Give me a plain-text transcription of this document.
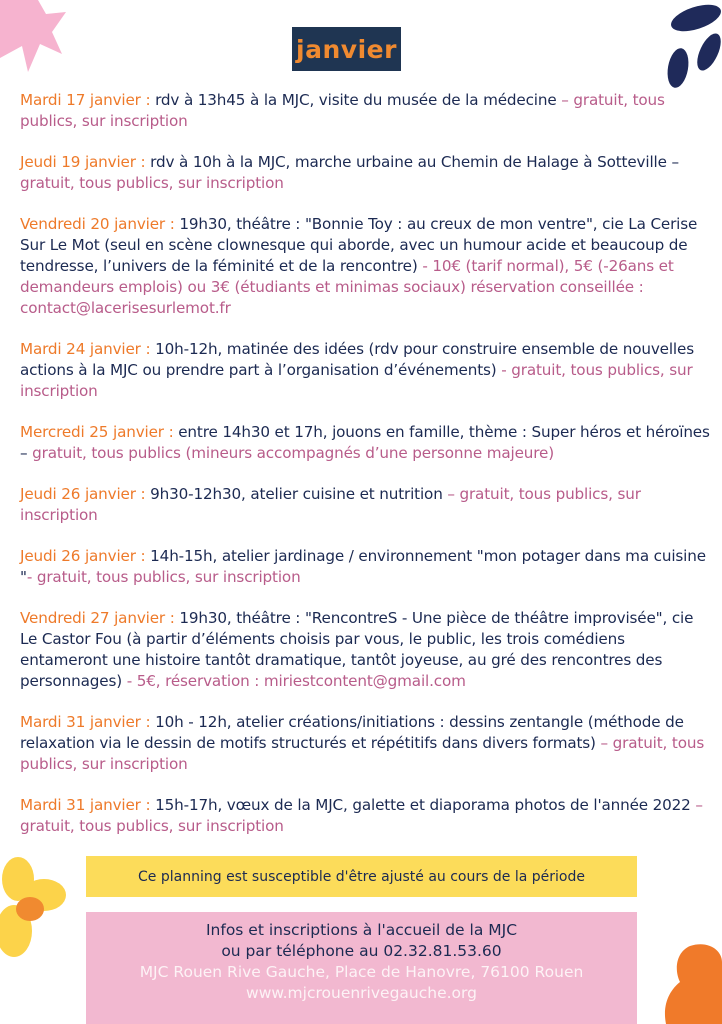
janvier

Mardi 17 janvier : rdv à 13h45 à la MJC, visite du musée de la médecine – gratuit, tous publics, sur inscription

Jeudi 19 janvier : rdv à 10h à la MJC, marche urbaine au Chemin de Halage à Sotteville – gratuit, tous publics, sur inscription

Vendredi 20 janvier : 19h30, théâtre : "Bonnie Toy : au creux de mon ventre", cie La Cerise Sur Le Mot (seul en scène clownesque qui aborde, avec un humour acide et beaucoup de tendresse, l’univers de la féminité et de la rencontre) - 10€ (tarif normal), 5€ (-26ans et demandeurs emplois) ou 3€ (étudiants et minimas sociaux) réservation conseillée : contact@lacerisesurlemot.fr

Mardi 24 janvier : 10h-12h, matinée des idées (rdv pour construire ensemble de nouvelles actions à la MJC ou prendre part à l’organisation d’événements) - gratuit, tous publics, sur inscription

Mercredi 25 janvier : entre 14h30 et 17h, jouons en famille, thème : Super héros et héroïnes – gratuit, tous publics (mineurs accompagnés d’une personne majeure)

Jeudi 26 janvier : 9h30-12h30, atelier cuisine et nutrition – gratuit, tous publics, sur inscription

Jeudi 26 janvier : 14h-15h, atelier jardinage / environnement "mon potager dans ma cuisine "- gratuit, tous publics, sur inscription

Vendredi 27 janvier : 19h30, théâtre : "RencontreS - Une pièce de théâtre improvisée", cie Le Castor Fou (à partir d’éléments choisis par vous, le public, les trois comédiens entameront une histoire tantôt dramatique, tantôt joyeuse, au gré des rencontres des personnages) - 5€, réservation : miriestcontent@gmail.com

Mardi 31 janvier : 10h - 12h, atelier créations/initiations : dessins zentangle (méthode de relaxation via le dessin de motifs structurés et répétitifs dans divers formats) – gratuit, tous publics, sur inscription

Mardi 31 janvier : 15h-17h, vœux de la MJC, galette et diaporama photos de l'année 2022 – gratuit, tous publics, sur inscription

Ce planning est susceptible d'être ajusté au cours de la période
Infos et inscriptions à l'accueil de la MJC
ou par téléphone au 02.32.81.53.60
MJC Rouen Rive Gauche, Place de Hanovre, 76100 Rouen
www.mjcrouenrivegauche.org
